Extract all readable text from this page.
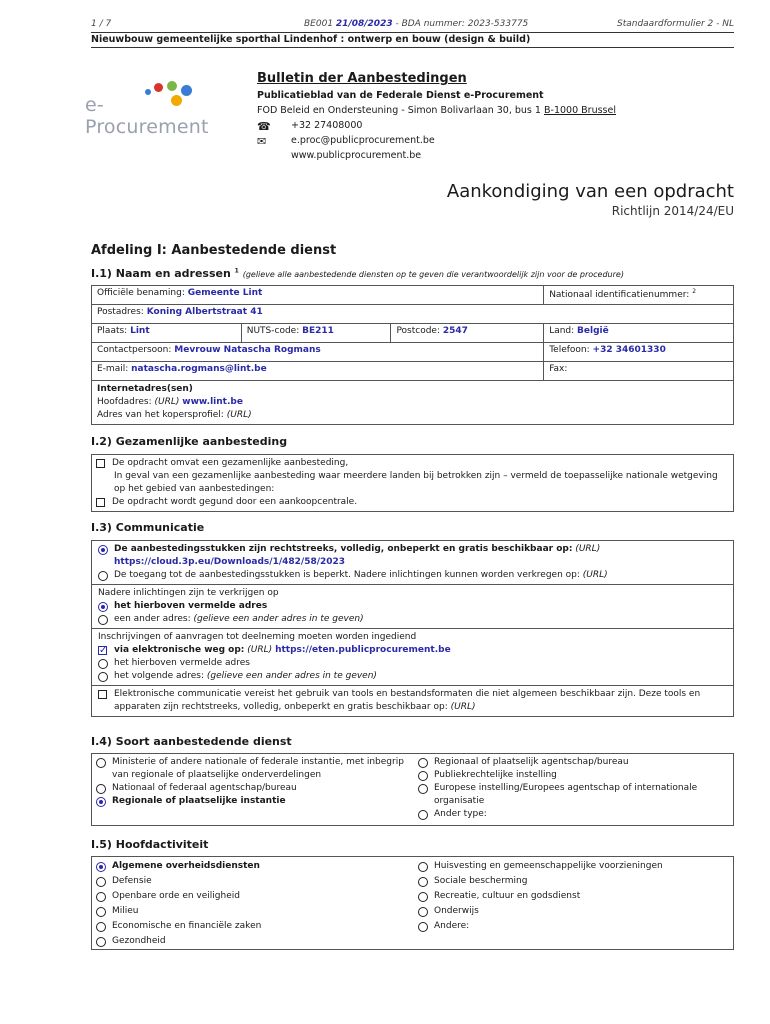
1 / 7	BE001 21/08/2023 - BDA nummer: 2023-533775	Standaardformulier 2 - NL
Nieuwbouw gemeentelijke sporthal Lindenhof : ontwerp en bouw (design & build)
e-Procurement
Bulletin der Aanbestedingen
Publicatieblad van de Federale Dienst e-Procurement
FOD Beleid en Ondersteuning - Simon Bolivarlaan 30, bus 1 B-1000 Brussel
☎ +32 27408000
✉	e.proc@publicprocurement.be
www.publicprocurement.be
Aankondiging van een opdracht
Richtlijn 2014/24/EU
Afdeling I: Aanbestedende dienst
I.1) Naam en adressen $^1$ (gelieve alle aanbestedende diensten op te geven die verantwoordelijk zijn voor de procedure)
Officiële benaming: Gemeente Lint			Nationaal identificatienummer: $^2$
Postadres: Koning Albertstraat 41			
Plaats: Lint	NUTS-code: BE211	Postcode: 2547	Land: België
Contactpersoon: Mevrouw Natascha Rogmans			Telefoon: +32 34601330
E-mail: natascha.rogmans@lint.be			Fax:

Internetadres(sen)
Hoofdadres: (URL) www.lint.be
Adres van het kopersprofiel: (URL)			
I.2) Gezamenlijke aanbesteding
De opdracht omvat een gezamenlijke aanbesteding,
In geval van een gezamenlijke aanbesteding waar meerdere landen bij betrokken zijn – vermeld de toepasselijke nationale wetgeving op het gebied van aanbestedingen:
De opdracht wordt gegund door een aankoopcentrale.
I.3) Communicatie
De aanbestedingsstukken zijn rechtstreeks, volledig, onbeperkt en gratis beschikbaar op: (URL)
https://cloud.3p.eu/Downloads/1/482/58/2023
De toegang tot de aanbestedingsstukken is beperkt. Nadere inlichtingen kunnen worden verkregen op: (URL)
Nadere inlichtingen zijn te verkrijgen op
het hierboven vermelde adres
een ander adres: (gelieve een ander adres in te geven)
Inschrijvingen of aanvragen tot deelneming moeten worden ingediend
✓
via elektronische weg op: (URL) https://eten.publicprocurement.be
het hierboven vermelde adres
het volgende adres: (gelieve een ander adres in te geven)
Elektronische communicatie vereist het gebruik van tools en bestandsformaten die niet algemeen beschikbaar zijn. Deze tools en apparaten zijn rechtstreeks, volledig, onbeperkt en gratis beschikbaar op: (URL)
I.4) Soort aanbestedende dienst
Ministerie of andere nationale of federale instantie, met inbegrip van regionale of plaatselijke onderverdelingen
Nationaal of federaal agentschap/bureau
Regionale of plaatselijke instantie
Regionaal of plaatselijk agentschap/bureau
Publiekrechtelijke instelling
Europese instelling/Europees agentschap of internationale organisatie
Ander type:
I.5) Hoofdactiviteit
Algemene overheidsdiensten
Defensie
Openbare orde en veiligheid
Milieu
Economische en financiële zaken
Gezondheid
Huisvesting en gemeenschappelijke voorzieningen
Sociale bescherming
Recreatie, cultuur en godsdienst
Onderwijs
Andere:
